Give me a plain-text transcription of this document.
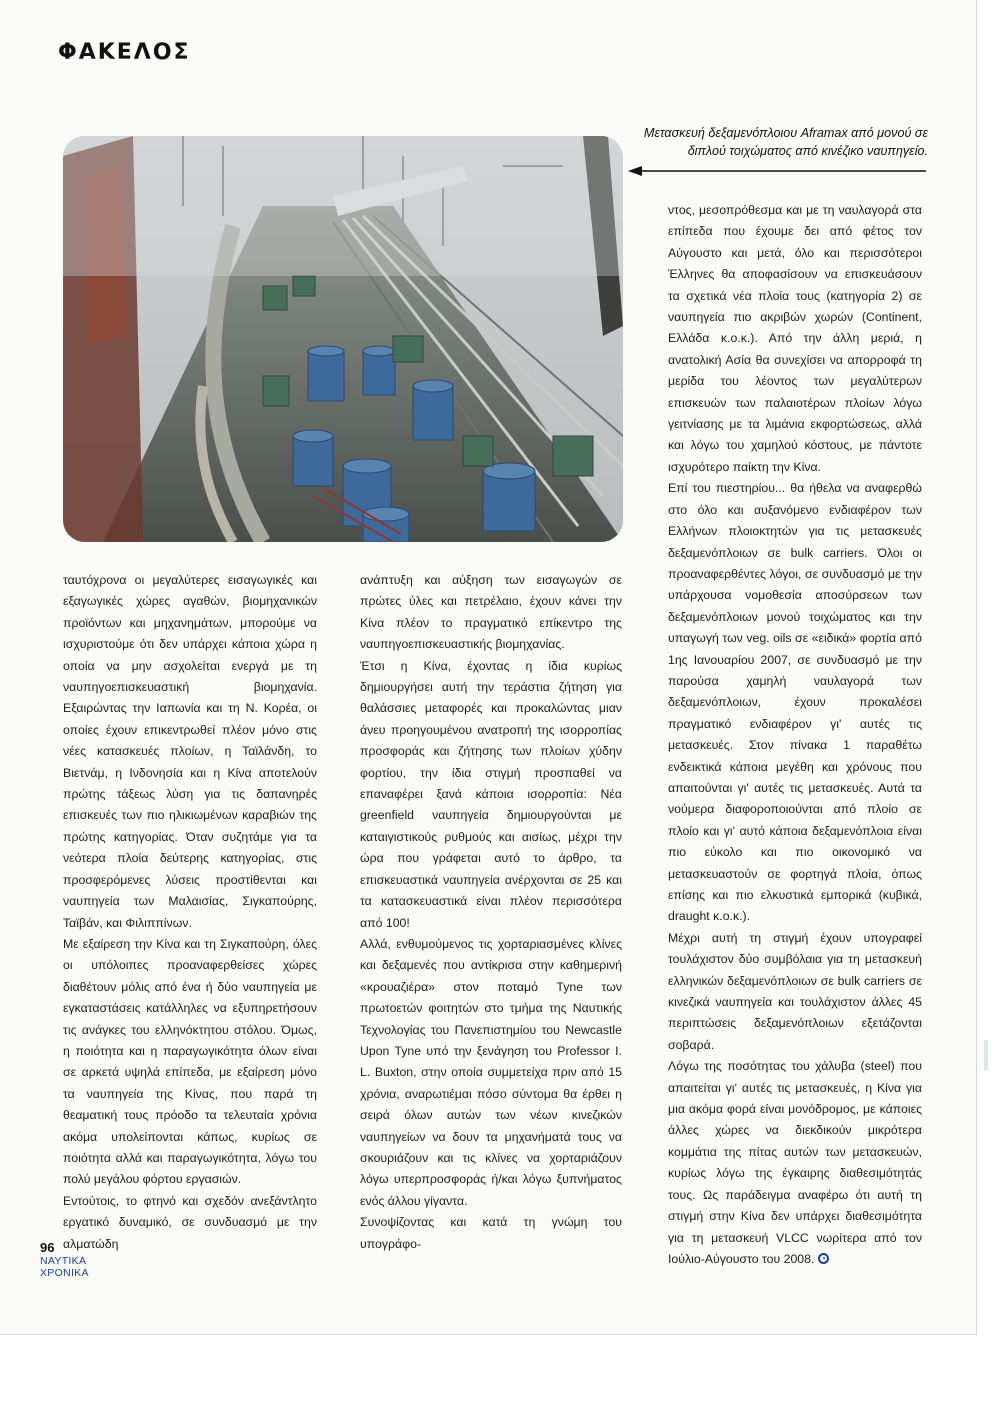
ΦΑΚΕΛΟΣ
Μετασκευή δεξαμενόπλοιου Aframax από μονού σε διπλού τοιχώματος από κινέζικο ναυπηγείο.

ταυτόχρονα οι μεγαλύτερες εισαγωγικές και εξαγωγικές χώρες αγαθών, βιομηχανικών προϊόντων και μηχανημάτων, μπορούμε να ισχυριστούμε ότι δεν υπάρχει κάποια χώρα η οποία να μην ασχολείται ενεργά με τη ναυπηγοεπισκευαστική βιομηχανία. Εξαιρώντας την Ιαπωνία και τη Ν. Κορέα, οι οποίες έχουν επικεντρωθεί πλέον μόνο στις νέες κατασκευές πλοίων, η Ταϊλάνδη, το Βιετνάμ, η Ινδονησία και η Κίνα αποτελούν πρώτης τάξεως λύση για τις δαπανηρές επισκευές των πιο ηλικιωμένων καραβιών της πρώτης κατηγορίας. Όταν συζητάμε για τα νεότερα πλοία δεύτερης κατηγορίας, στις προσφερόμενες λύσεις προστίθενται και ναυπηγεία των Μαλαισίας, Σιγκαπούρης, Ταϊβάν, και Φιλιππίνων.

Με εξαίρεση την Κίνα και τη Σιγκαπούρη, όλες οι υπόλοιπες προαναφερθείσες χώρες διαθέτουν μόλις από ένα ή δύο ναυπηγεία με εγκαταστάσεις κατάλληλες να εξυπηρετήσουν τις ανάγκες του ελληνόκτητου στόλου. Όμως, η ποιότητα και η παραγωγικότητα όλων είναι σε αρκετά υψηλά επίπεδα, με εξαίρεση μόνο τα ναυπηγεία της Κίνας, που παρά τη θεαματική τους πρόοδο τα τελευταία χρόνια ακόμα υπολείπονται κάπως, κυρίως σε ποιότητα αλλά και παραγωγικότητα, λόγω του πολύ μεγάλου φόρτου εργασιών.

Εντούτοις, το φτηνό και σχεδόν ανεξάντλητο εργατικό δυναμικό, σε συνδυασμό με την αλματώδη

ανάπτυξη και αύξηση των εισαγωγών σε πρώτες ύλες και πετρέλαιο, έχουν κάνει την Κίνα πλέον το πραγματικό επίκεντρο της ναυπηγοεπισκευαστικής βιομηχανίας.

Έτσι η Κίνα, έχοντας η ίδια κυρίως δημιουργήσει αυτή την τεράστια ζήτηση για θαλάσσιες μεταφορές και προκαλώντας μιαν άνευ προηγουμένου ανατροπή της ισορροπίας προσφοράς και ζήτησης των πλοίων χύδην φορτίου, την ίδια στιγμή προσπαθεί να επαναφέρει ξανά κάποια ισορροπία: Νέα greenfield ναυπηγεία δημιουργούνται με καταιγιστικούς ρυθμούς και αισίως, μέχρι την ώρα που γράφεται αυτό το άρθρο, τα επισκευαστικά ναυπηγεία ανέρχονται σε 25 και τα κατασκευαστικά είναι πλέον περισσότερα από 100!

Αλλά, ενθυμούμενος τις χορταριασμένες κλίνες και δεξαμενές που αντίκρισα στην καθημερινή «κρουαζιέρα» στον ποταμό Tyne των πρωτοετών φοιτητών στο τμήμα της Ναυτικής Τεχνολογίας του Πανεπιστημίου του Newcastle Upon Tyne υπό την ξενάγηση του Professor I. L. Buxton, στην οποία συμμετείχα πριν από 15 χρόνια, αναρωτιέμαι πόσο σύντομα θα έρθει η σειρά όλων αυτών των νέων κινεζικών ναυπηγείων να δουν τα μηχανήματά τους να σκουριάζουν και τις κλίνες να χορταριάζουν λόγω υπερπροσφοράς ή/και λόγω ξυπνήματος ενός άλλου γίγαντα.

Συνοψίζοντας και κατά τη γνώμη του υπογράφο-

ντος, μεσοπρόθεσμα και με τη ναυλαγορά στα επίπεδα που έχουμε δει από φέτος τον Αύγουστο και μετά, όλο και περισσότεροι Έλληνες θα αποφασίσουν να επισκευάσουν τα σχετικά νέα πλοία τους (κατηγορία 2) σε ναυπηγεία πιο ακριβών χωρών (Continent, Ελλάδα κ.ο.κ.). Από την άλλη μεριά, η ανατολική Ασία θα συνεχίσει να απορροφά τη μερίδα του λέοντος των μεγαλύτερων επισκευών των παλαιοτέρων πλοίων λόγω γειτνίασης με τα λιμάνια εκφορτώσεως, αλλά και λόγω του χαμηλού κόστους, με πάντοτε ισχυρότερο παίκτη την Κίνα.

Επί του πιεστηρίου... θα ήθελα να αναφερθώ στο όλο και αυξανόμενο ενδιαφέρον των Ελλήνων πλοιοκτητών για τις μετασκευές δεξαμενόπλοιων σε bulk carriers. Όλοι οι προαναφερθέντες λόγοι, σε συνδυασμό με την υπάρχουσα νομοθεσία αποσύρσεων των δεξαμενόπλοιων μονού τοιχώματος και την υπαγωγή των veg. oils σε «ειδικά» φορτία από 1ης Ιανουαρίου 2007, σε συνδυασμό με την παρούσα χαμηλή ναυλαγορά των δεξαμενόπλοιων, έχουν προκαλέσει πραγματικό ενδιαφέρον γι' αυτές τις μετασκευές. Στον πίνακα 1 παραθέτω ενδεικτικά κάποια μεγέθη και χρόνους που απαιτούνται γι' αυτές τις μετασκευές. Αυτά τα νούμερα διαφοροποιούνται από πλοίο σε πλοίο και γι' αυτό κάποια δεξαμενόπλοια είναι πιο εύκολο και πιο οικονομικό να μετασκευαστούν σε φορτηγά πλοία, όπως επίσης και πιο ελκυστικά εμπορικά (κυβικά, draught κ.ο.κ.).

Μέχρι αυτή τη στιγμή έχουν υπογραφεί τουλάχιστον δύο συμβόλαια για τη μετασκευή ελληνικών δεξαμενόπλοιων σε bulk carriers σε κινεζικά ναυπηγεία και τουλάχιστον άλλες 45 περιπτώσεις δεξαμενόπλοιων εξετάζονται σοβαρά.

Λόγω της ποσότητας του χάλυβα (steel) που απαιτείται γι' αυτές τις μετασκευές, η Κίνα για μια ακόμα φορά είναι μονόδρομος, με κάποιες άλλες χώρες να διεκδικούν μικρότερα κομμάτια της πίτας αυτών των μετασκευών, κυρίως λόγω της έγκαιρης διαθεσιμότητάς τους. Ως παράδειγμα αναφέρω ότι αυτή τη στιγμή στην Κίνα δεν υπάρχει διαθεσιμότητα για τη μετασκευή VLCC νωρίτερα από τον Ιούλιο-Αύγουστο του 2008.

96
ΝΑΥΤΙΚΑ
ΧΡΟΝΙΚΑ
